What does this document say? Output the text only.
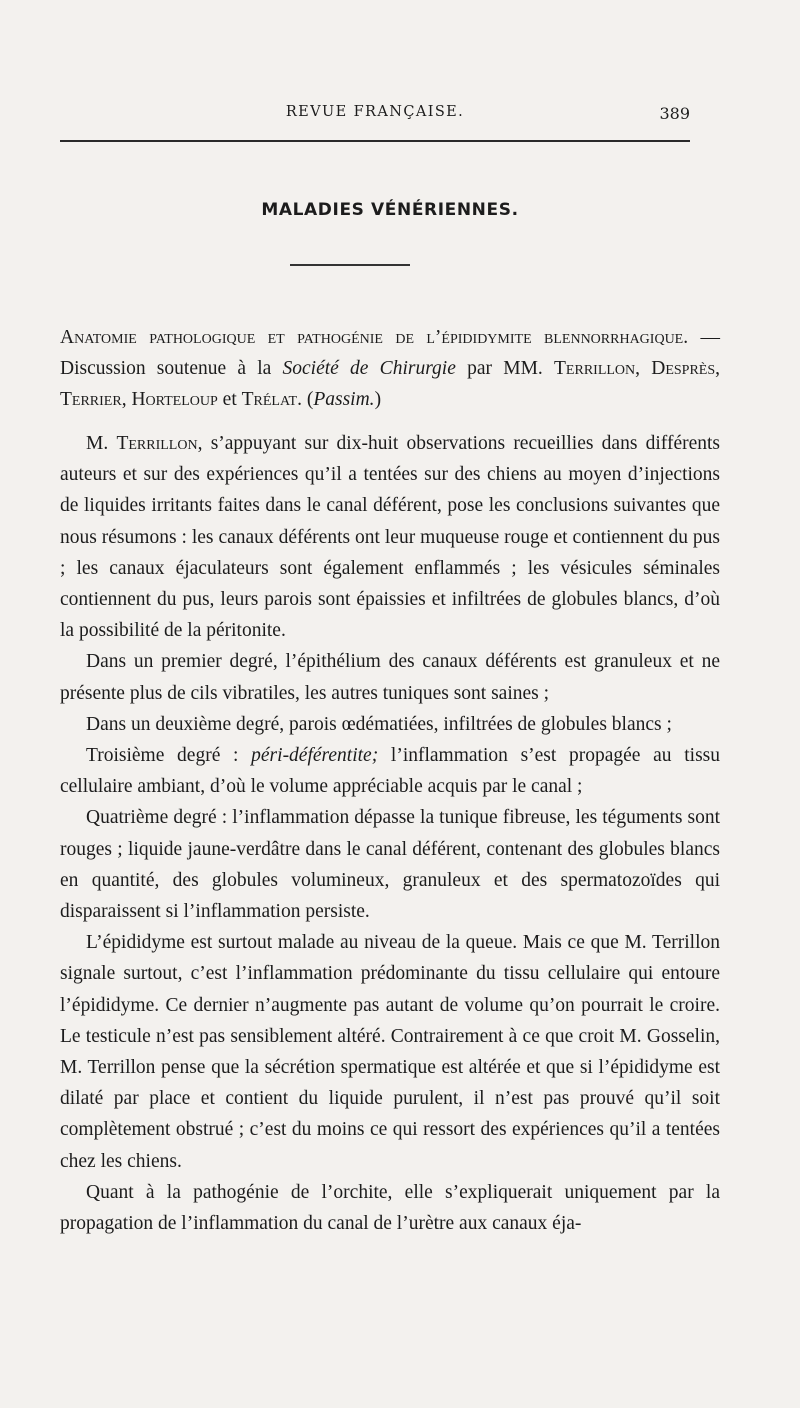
REVUE FRANÇAISE.	389
MALADIES VÉNÉRIENNES.
Anatomie pathologique et pathogénie de l’épididymite blennorrhagique. — Discussion soutenue à la Société de Chirurgie par MM. Terrillon, Desprès, Terrier, Horteloup et Trélat. (Passim.)

M. Terrillon, s’appuyant sur dix-huit observations recueillies dans différents auteurs et sur des expériences qu’il a tentées sur des chiens au moyen d’injections de liquides irritants faites dans le canal déférent, pose les conclusions suivantes que nous résumons : les canaux déférents ont leur muqueuse rouge et contiennent du pus ; les canaux éjaculateurs sont également enflammés ; les vésicules séminales contiennent du pus, leurs parois sont épaissies et infiltrées de globules blancs, d’où la possibilité de la péritonite.

Dans un premier degré, l’épithélium des canaux déférents est granuleux et ne présente plus de cils vibratiles, les autres tuniques sont saines ;

Dans un deuxième degré, parois œdématiées, infiltrées de globules blancs ;

Troisième degré : péri-déférentite; l’inflammation s’est propagée au tissu cellulaire ambiant, d’où le volume appréciable acquis par le canal ;

Quatrième degré : l’inflammation dépasse la tunique fibreuse, les téguments sont rouges ; liquide jaune-verdâtre dans le canal déférent, contenant des globules blancs en quantité, des globules volumineux, granuleux et des spermatozoïdes qui disparaissent si l’inflammation persiste.

L’épididyme est surtout malade au niveau de la queue. Mais ce que M. Terrillon signale surtout, c’est l’inflammation prédominante du tissu cellulaire qui entoure l’épididyme. Ce dernier n’augmente pas autant de volume qu’on pourrait le croire. Le testicule n’est pas sensiblement altéré. Contrairement à ce que croit M. Gosselin, M. Terrillon pense que la sécrétion spermatique est altérée et que si l’épididyme est dilaté par place et contient du liquide purulent, il n’est pas prouvé qu’il soit complètement obstrué ; c’est du moins ce qui ressort des expériences qu’il a tentées chez les chiens.

Quant à la pathogénie de l’orchite, elle s’expliquerait uniquement par la propagation de l’inflammation du canal de l’urètre aux canaux éja-
